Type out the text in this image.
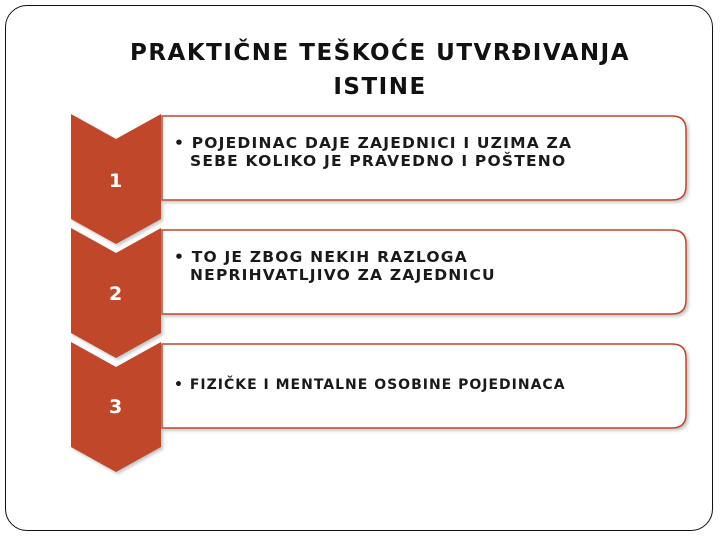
PRAKTIČNE TEŠKOĆE UTVRĐIVANJA
ISTINE
1
2
3
• POJEDINAC DAJE ZAJEDNICI I UZIMA ZA
SEBE KOLIKO JE PRAVEDNO I POŠTENO
• TO JE ZBOG NEKIH RAZLOGA
NEPRIHVATLJIVO ZA ZAJEDNICU
• FIZIČKE I MENTALNE OSOBINE POJEDINACA
